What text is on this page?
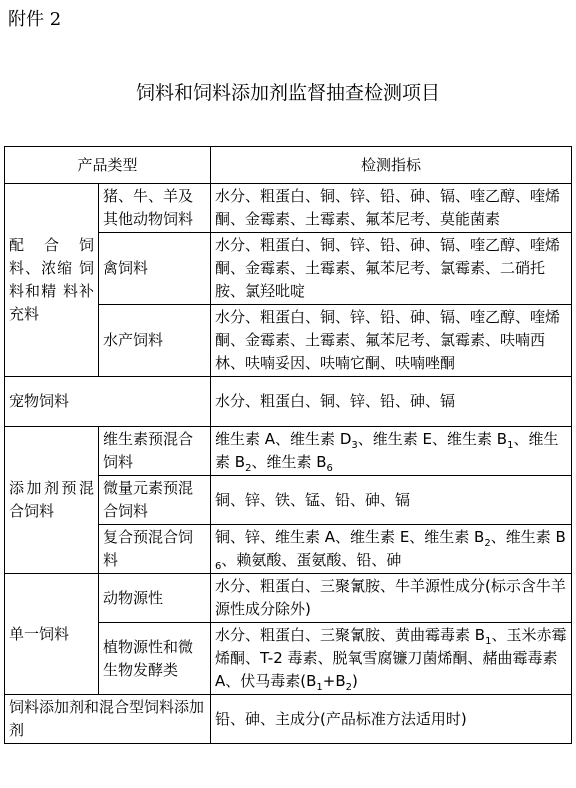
附件 2
饲料和饲料添加剂监督抽查检测项目
产品类型		检测指标
配 合 饲 料、浓缩 饲料和精 料补充料	猪、牛、羊及其他动物饲料	水分、粗蛋白、铜、锌、铅、砷、镉、喹乙醇、喹烯酮、金霉素、土霉素、氟苯尼考、莫能菌素
	禽饲料	水分、粗蛋白、铜、锌、铅、砷、镉、喹乙醇、喹烯酮、金霉素、土霉素、氟苯尼考、氯霉素、二硝托胺、氯羟吡啶
	水产饲料	水分、粗蛋白、铜、锌、铅、砷、镉、喹乙醇、喹烯酮、金霉素、土霉素、氟苯尼考、氯霉素、呋喃西林、呋喃妥因、呋喃它酮、呋喃唑酮
宠物饲料		水分、粗蛋白、铜、锌、铅、砷、镉
添加剂预混合饲料	维生素预混合饲料	维生素 A、维生素 $D_3$、维生素 E、维生素 $B_1$、维生素 $B_2$、维生素 $B_6$
	微量元素预混合饲料	铜、锌、铁、锰、铅、砷、镉
	复合预混合饲料	铜、锌、维生素 A、维生素 E、维生素 $B_2$、维生素 $B_6$、赖氨酸、蛋氨酸、铅、砷
单一饲料	动物源性	水分、粗蛋白、三聚氰胺、牛羊源性成分(标示含牛羊源性成分除外)
	植物源性和微生物发酵类	水分、粗蛋白、三聚氰胺、黄曲霉毒素 $B_1$、玉米赤霉烯酮、T-2 毒素、脱氧雪腐镰刀菌烯酮、赭曲霉毒素 A、伏马毒素$(B_1+B_2)$
饲料添加剂和混合型饲料添加剂		铅、砷、主成分(产品标准方法适用时)
